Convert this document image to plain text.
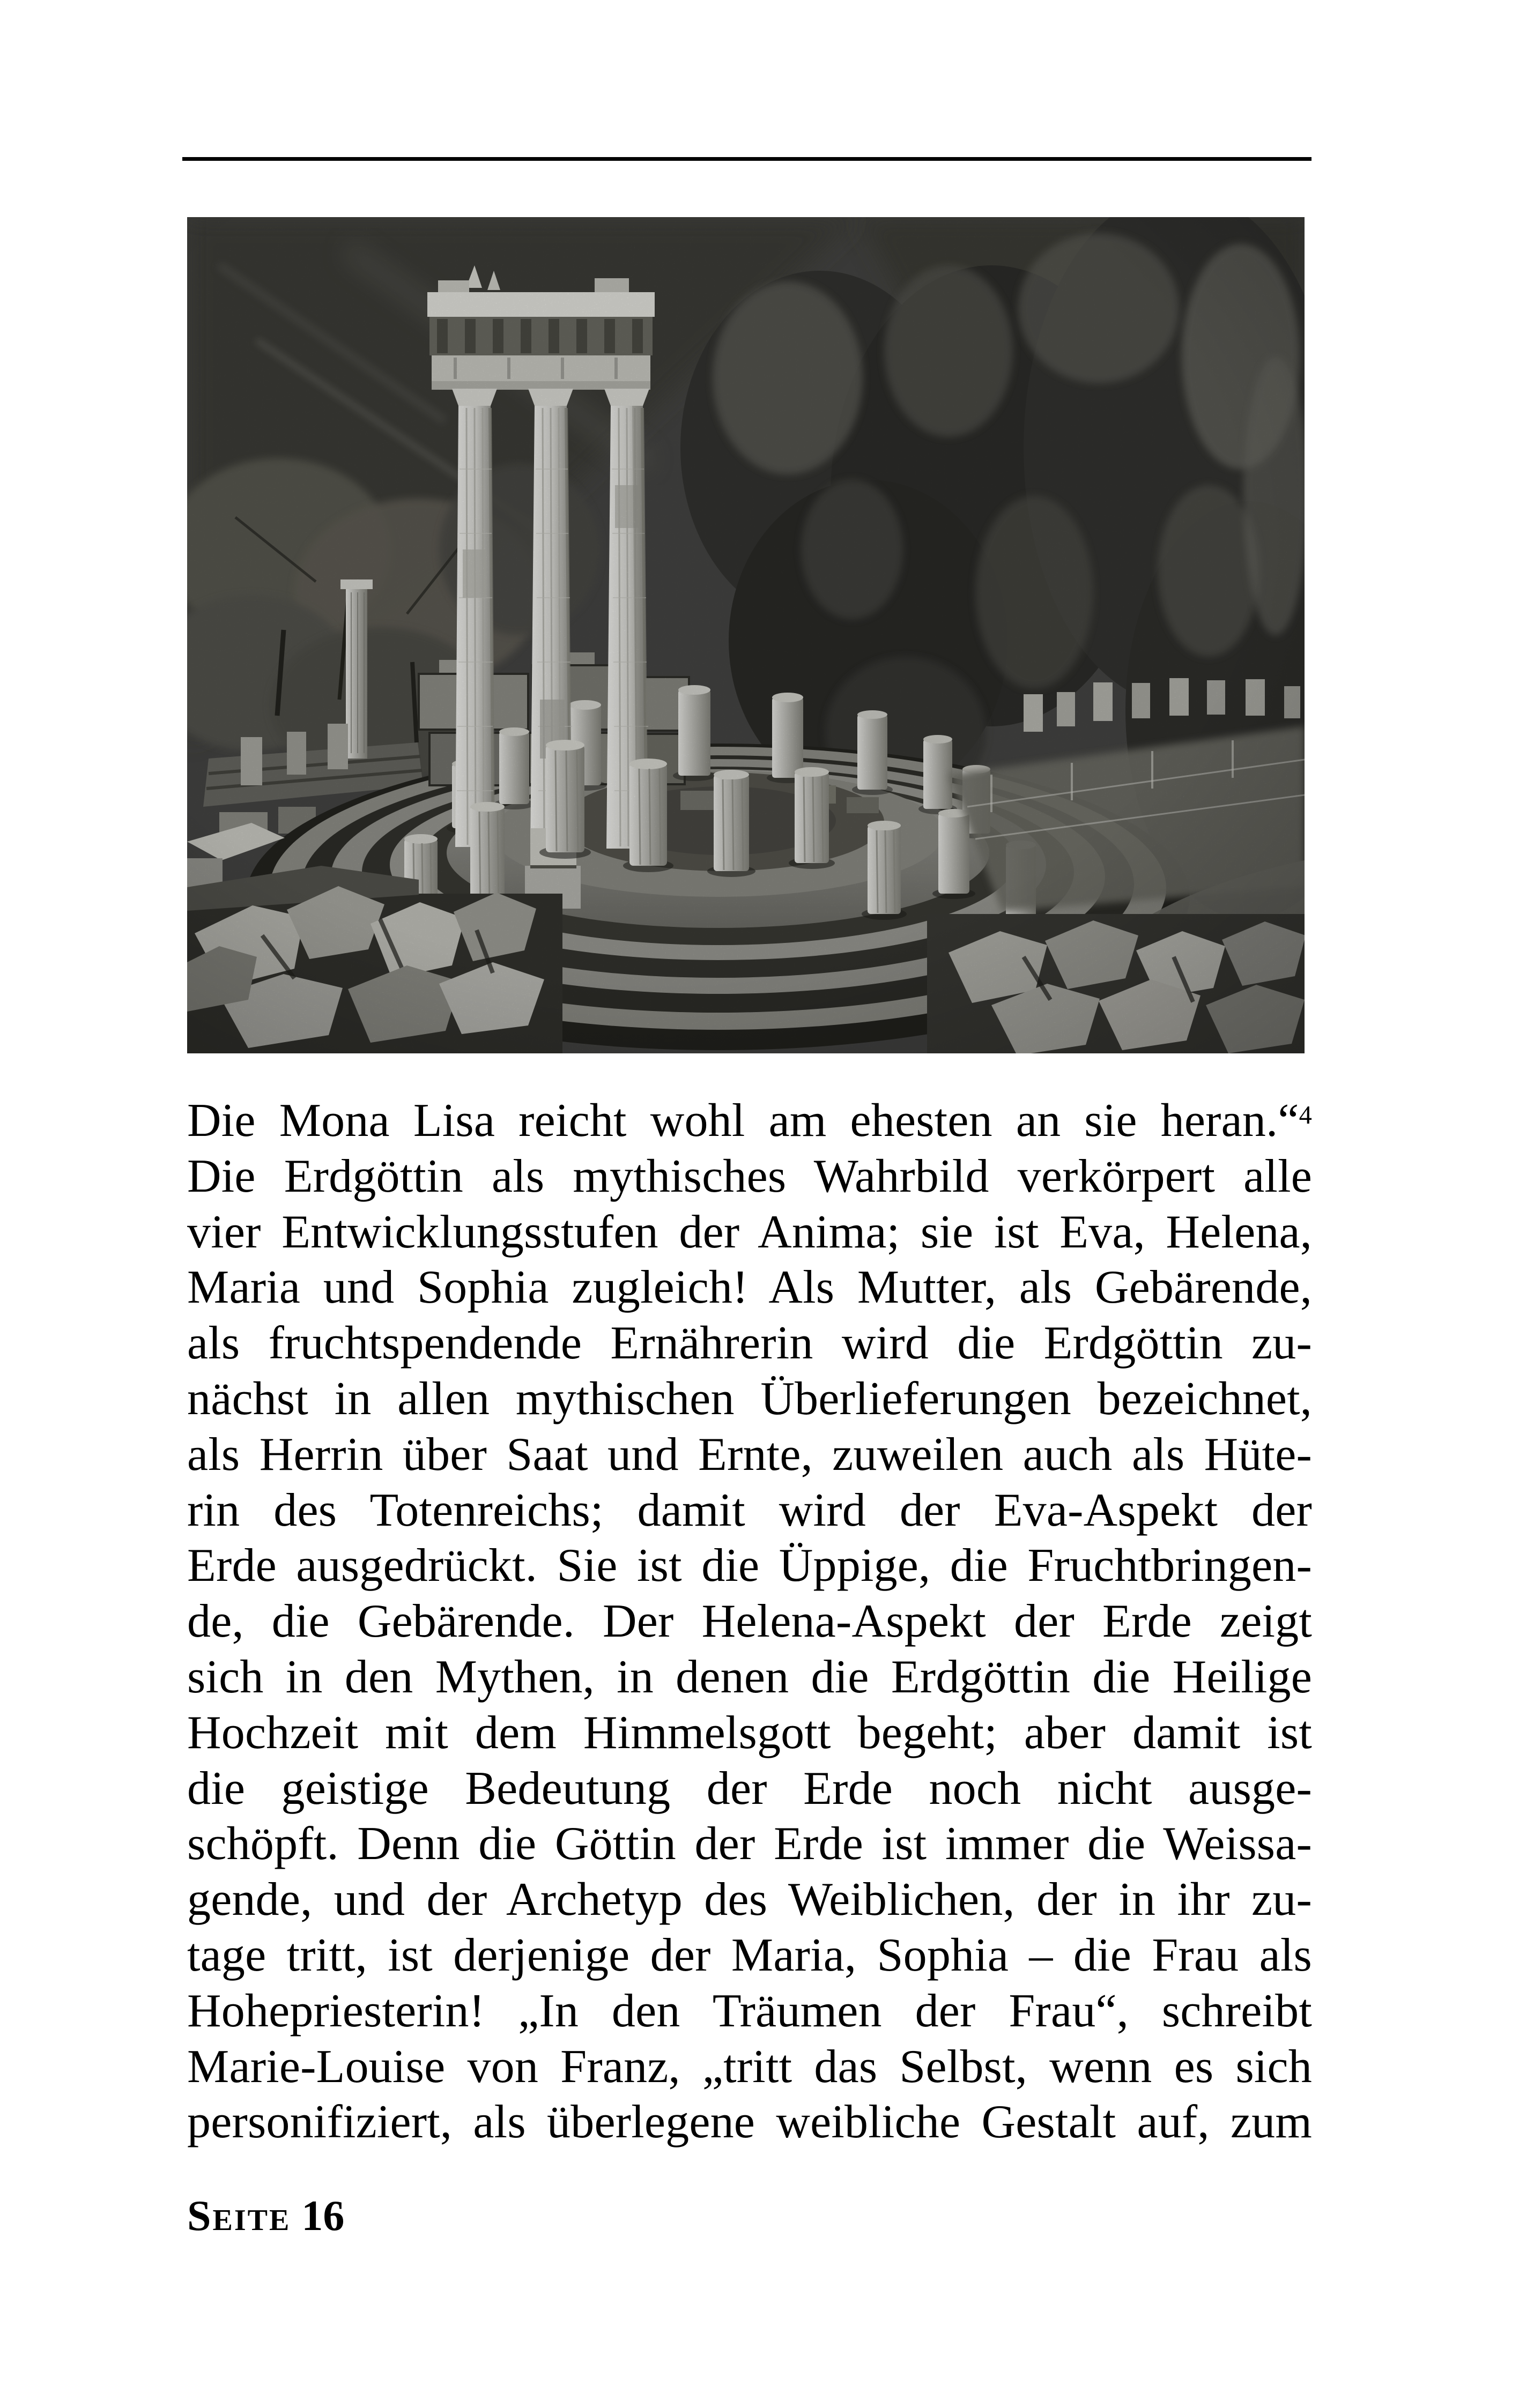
Die Mona Lisa reicht wohl am ehesten an sie heran.“$^4$
Die Erdgöttin als mythisches Wahrbild verkörpert alle
vier Entwicklungsstufen der Anima; sie ist Eva, Helena,
Maria und Sophia zugleich! Als Mutter, als Gebärende,
als fruchtspendende Ernährerin wird die Erdgöttin zu-
nächst in allen mythischen Überlieferungen bezeichnet,
als Herrin über Saat und Ernte, zuweilen auch als Hüte-
rin des Totenreichs; damit wird der Eva-Aspekt der
Erde ausgedrückt. Sie ist die Üppige, die Fruchtbringen-
de, die Gebärende. Der Helena-Aspekt der Erde zeigt
sich in den Mythen, in denen die Erdgöttin die Heilige
Hochzeit mit dem Himmelsgott begeht; aber damit ist
die geistige Bedeutung der Erde noch nicht ausge-
schöpft. Denn die Göttin der Erde ist immer die Weissa-
gende, und der Archetyp des Weiblichen, der in ihr zu-
tage tritt, ist derjenige der Maria, Sophia – die Frau als
Hohepriesterin! „In den Träumen der Frau“, schreibt
Marie-Louise von Franz, „tritt das Selbst, wenn es sich
personifiziert, als überlegene weibliche Gestalt auf, zum
Seite 16
